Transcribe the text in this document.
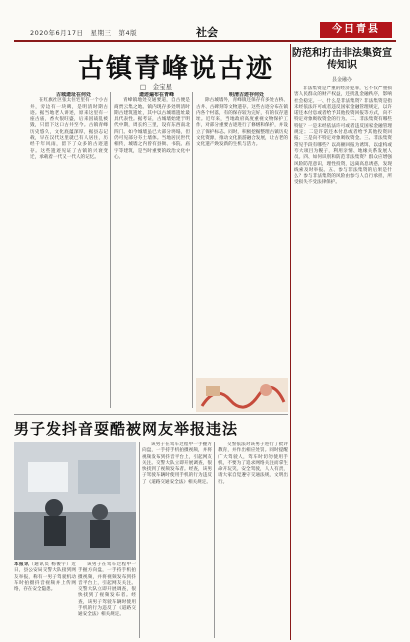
2020年6月17日　星期三　第4版	社会	今日青县
古镇青峰说古迹
□　金宝星

古城遗址在何处

在红旗社区张太住宅里有一个小古井，旁边有一块碑，是明清时期古迹。据当地老人讲述，原来这里有一座古庙，香火很旺盛，后来因战乱被毁，只留下这口古井至今。古镇青峰历史悠久，文化底蕴深厚，据县志记载，早在汉代这里就已有人居住，历经千年风雨，留下了众多的古迹遗存。这些遗迹见证了古镇的兴衰变迁，承载着一代又一代人的记忆。

遗迹遍布在青峰

青峰镇地处交通要道，自古便是商贾云集之地。镇内现存多处明清时期古建筑遗址，其中以古城墙遗址最具代表性。据考证，古城墙始建于明代中期，周长约三里，设有东西南北四门。如今城墙虽已大部分坍塌，但仍可见部分夯土墙体。当地居民世代相传，城墙之内曾有县衙、书院、庙宇等建筑，是当时重要的政治文化中心。

明清古迹存何处

除古城墙外，青峰镇还保存有多处古桥、古井、古碑刻等文物遗存。这些古迹分布在镇内各个村落，有的保存较为完好，有的仅存遗址。近年来，当地政府高度重视文物保护工作，对部分重要古迹进行了修缮和保护，并设立了保护标志。同时，积极挖掘整理古镇历史文化资源，推动文化旅游融合发展，让古老的文化遗产焕发新的生机与活力。

防范和打击非法集资宣传知识
县金融办

非法集资是严重的经济犯罪，它不仅严重损害人民群众的财产权益，还扰乱金融秩序，影响社会稳定。一、什么是非法集资？非法集资是指未经依法许可或者违反国家金融管理规定，以许诺还本付息或者给予其他投资回报等方式，向不特定对象吸收资金的行为。二、非法集资有哪些特征？一是未经依法许可或者违反国家金融管理规定；二是许诺还本付息或者给予其他投资回报；三是向不特定对象吸收资金。三、非法集资常见手段有哪些？以高额回报为诱饵，以虚构或夸大项目为幌子，利用亲情、地缘关系发展人员。四、如何识别和防范非法集资？群众应增强风险防范意识，理性投资，远离高息诱惑，发现线索及时举报。五、参与非法集资的后果是什么？参与非法集资的风险由参与人自行承担，所受损失不受法律保护。

男子发抖音耍酷被网友举报违法
本报讯（通讯员 杨俊宇）近日，县公安局交警大队接到网友举报，称有一男子驾驶机动车时拍摄抖音视频并上传网络，存在安全隐患。

该男子在驾车过程中一手握方向盘，一手持手机拍摄视频，并将视频发布到抖音平台上，引起网友关注。交警大队立即开展调查，很快找到了视频发布者。经查，该男子驾驶车辆时使用手机的行为违反了《道路交通安全法》相关规定。

该男子在驾车过程中一手握方向盘，一手持手机拍摄视频，并将视频发布到抖音平台上，引起网友关注。交警大队立即开展调查，很快找到了视频发布者。经查，该男子驾驶车辆时使用手机的行为违反了《道路交通安全法》相关规定。

交警依法对该男子进行了批评教育，并作出相应处罚。同时提醒广大驾驶人，驾车时切勿使用手机，不要为了追求网络关注而拿生命开玩笑。安全驾驶，人人有责，请大家自觉遵守交通法规，文明出行。
